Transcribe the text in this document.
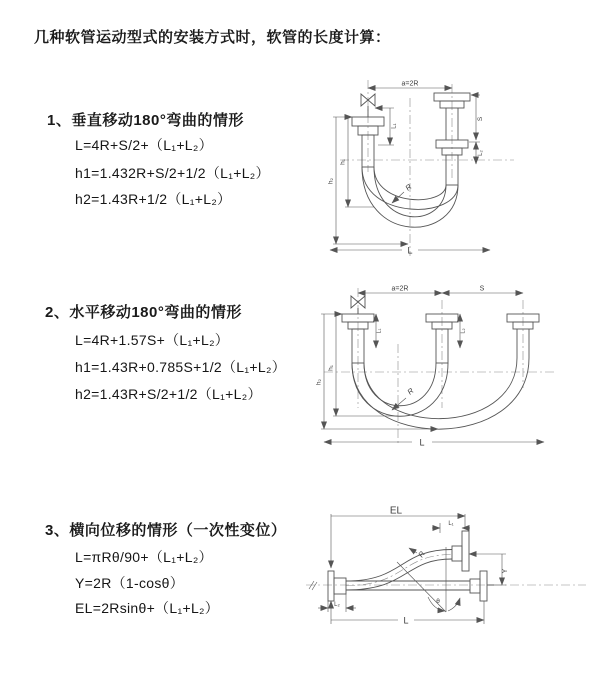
几种软管运动型式的安装方式时，软管的长度计算：
1、垂直移动180°弯曲的情形
L=4R+S/2+（L₁+L₂）
h1=1.432R+S/2+1/2（L₁+L₂）
h2=1.43R+1/2（L₁+L₂）
2、水平移动180°弯曲的情形
L=4R+1.57S+（L₁+L₂）
h1=1.43R+0.785S+1/2（L₁+L₂）
h2=1.43R+S/2+1/2（L₁+L₂）
3、横向位移的情形（一次性变位）
L=πRθ/90+（L₁+L₂）
Y=2R（1-cosθ）
EL=2Rsinθ+（L₁+L₂）
a=2R
S
L₂
L₁
h₁
h₂
R
L
a=2R	S
h₁
h₂
L₁	L₂
R
L
θ
EL
L₁
Y
R
L₂
L
